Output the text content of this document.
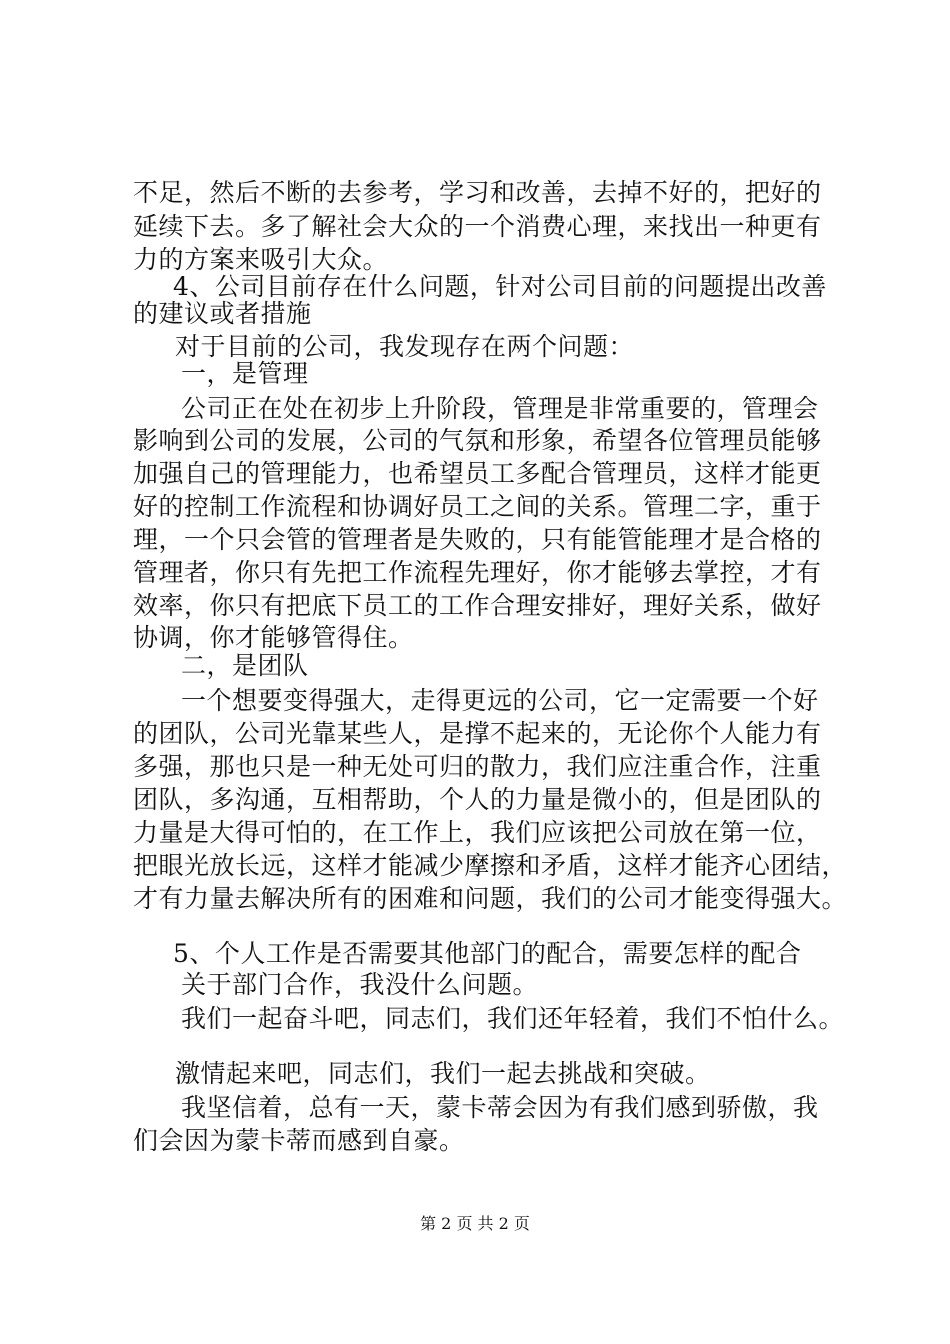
不足，然后不断的去参考，学习和改善，去掉不好的，把好的
延续下去。多了解社会大众的一个消费心理，来找出一种更有
力的方案来吸引大众。
4、公司目前存在什么问题，针对公司目前的问题提出改善
的建议或者措施
对于目前的公司，我发现存在两个问题：
一，是管理
公司正在处在初步上升阶段，管理是非常重要的，管理会
影响到公司的发展，公司的气氛和形象，希望各位管理员能够
加强自己的管理能力，也希望员工多配合管理员，这样才能更
好的控制工作流程和协调好员工之间的关系。管理二字，重于
理，一个只会管的管理者是失败的，只有能管能理才是合格的
管理者，你只有先把工作流程先理好，你才能够去掌控，才有
效率，你只有把底下员工的工作合理安排好，理好关系，做好
协调，你才能够管得住。
二，是团队
一个想要变得强大，走得更远的公司，它一定需要一个好
的团队，公司光靠某些人，是撑不起来的，无论你个人能力有
多强，那也只是一种无处可归的散力，我们应注重合作，注重
团队，多沟通，互相帮助，个人的力量是微小的，但是团队的
力量是大得可怕的，在工作上，我们应该把公司放在第一位，
把眼光放长远，这样才能减少摩擦和矛盾，这样才能齐心团结，
才有力量去解决所有的困难和问题，我们的公司才能变得强大。
5、个人工作是否需要其他部门的配合，需要怎样的配合
关于部门合作，我没什么问题。
我们一起奋斗吧，同志们，我们还年轻着，我们不怕什么。
激情起来吧，同志们，我们一起去挑战和突破。
我坚信着，总有一天，蒙卡蒂会因为有我们感到骄傲，我
们会因为蒙卡蒂而感到自豪。
第 2 页 共 2 页
